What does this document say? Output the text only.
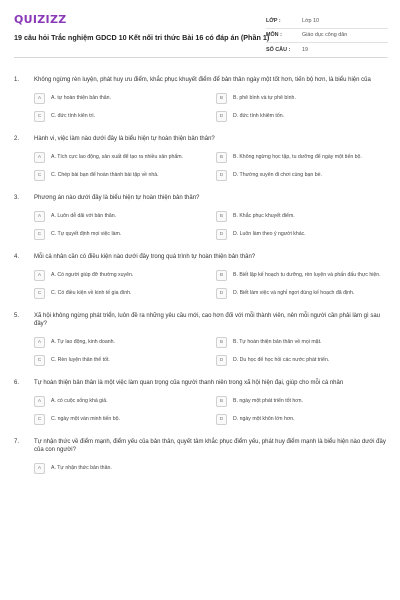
QUIZIZZ
19 câu hỏi Trắc nghiệm GDCD 10 Kết nối tri thức Bài 16 có đáp án (Phần 1)
LỚP :	Lớp 10
MÔN :	Giáo dục công dân
SỐ CÂU :	19
1.	Không ngừng rèn luyện, phát huy ưu điểm, khắc phục khuyết điểm để bản thân ngày một tốt hơn, tiến bộ hơn, là biểu hiện của
A	A. tự hoàn thiện bản thân.	B	B. phê bình và tự phê bình.
C	C. đức tính kiên trì.	D	D. đức tính khiêm tốn.
2.	Hành vi, việc làm nào dưới đây là biểu hiện tự hoàn thiện bản thân?
A	A. Tích cực lao động, sản xuất để tạo ra nhiều sản phẩm.	B	B. Không ngừng học tập, tu dưỡng để ngày một tiến bộ.
C	C. Chép bài bạn để hoàn thành bài tập về nhà.	D	D. Thường xuyên đi chơi cùng bạn bè.
3.	Phương án nào dưới đây là biểu hiện tự hoàn thiện bản thân?
A	A. Luôn dễ dãi với bản thân.	B	B. Khắc phục khuyết điểm.
C	C. Tự quyết định mọi việc làm.	D	D. Luôn làm theo ý người khác.
4.	Mỗi cá nhân cần có điều kiện nào dưới đây trong quá trình tự hoàn thiện bản thân?
A	A. Có người giúp đỡ thường xuyên.	B	B. Biết lập kế hoạch tu dưỡng, rèn luyện và phấn đấu thực hiện.
C	C. Có điều kiện về kinh tế gia đình.	D	D. Biết làm việc và nghỉ ngơi đúng kế hoạch đã định.
5.	Xã hội không ngừng phát triển, luôn đề ra những yêu cầu mới, cao hơn đối với mỗi thành viên, nên mỗi người cần phải làm gì sau đây?
A	A. Tự lao động, kinh doanh.	B	B. Tự hoàn thiện bản thân về mọi mặt.
C	C. Rèn luyện thân thể tốt.	D	D. Du học để học hỏi các nước phát triển.
6.	Tự hoàn thiện bản thân là một việc làm quan trọng của người thanh niên trong xã hội hiện đại, giúp cho mỗi cá nhân
A	A. có cuộc sống khá giả.	B	B. ngày một phát triển tốt hơn.
C	C. ngày một vàn minh tiến bộ.	D	D. ngày một khôn lớn hơn.
7.	Tự nhận thức về điểm mạnh, điểm yếu của bản thân, quyết tâm khắc phục điểm yếu, phát huy điểm mạnh là biểu hiện nào dưới đây của con người?
A	A. Tự nhận thức bản thân.
